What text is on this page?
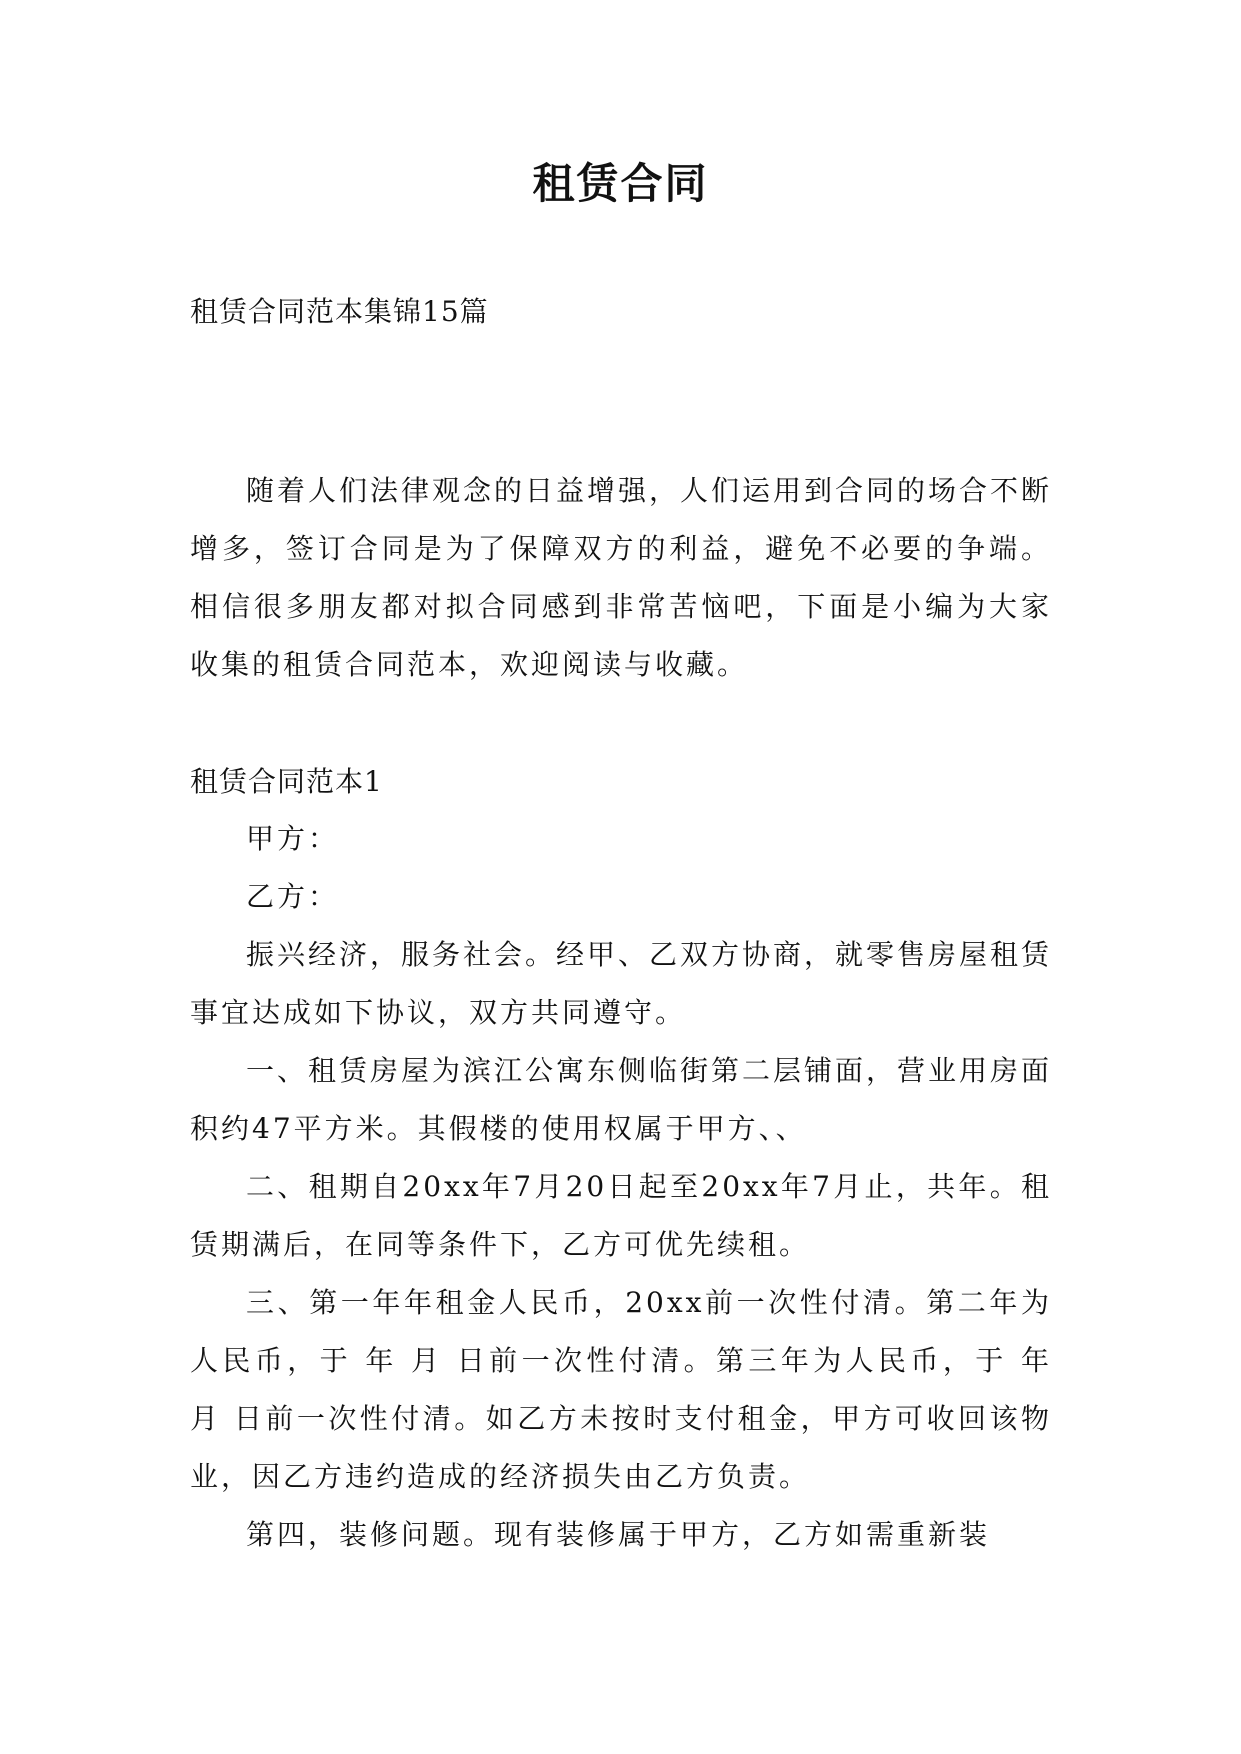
租赁合同
租赁合同范本集锦15篇

随着人们法律观念的日益增强，人们运用到合同的场合不断增多，签订合同是为了保障双方的利益，避免不必要的争端。相信很多朋友都对拟合同感到非常苦恼吧，下面是小编为大家收集的租赁合同范本，欢迎阅读与收藏。

租赁合同范本1

甲方：

乙方：

振兴经济，服务社会。经甲、乙双方协商，就零售房屋租赁事宜达成如下协议，双方共同遵守。

一、租赁房屋为滨江公寓东侧临街第二层铺面，营业用房面积约47平方米。其假楼的使用权属于甲方、、

二、租期自20xx年7月20日起至20xx年7月止，共年。租赁期满后，在同等条件下，乙方可优先续租。

三、第一年年租金人民币，20xx前一次性付清。第二年为人民币，于 年 月 日前一次性付清。第三年为人民币，于 年 月 日前一次性付清。如乙方未按时支付租金，甲方可收回该物业，因乙方违约造成的经济损失由乙方负责。

第四，装修问题。现有装修属于甲方，乙方如需重新装
